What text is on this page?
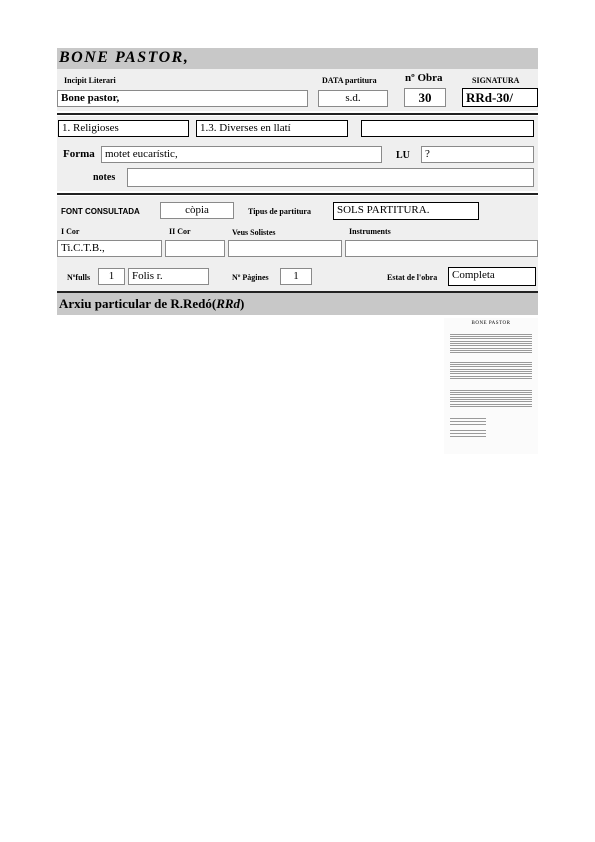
BONE PASTOR,
Incipit Literari	DATA partitura	nº Obra	SIGNATURA
Bone pastor,	s.d.	30	RRd-30/
1. Religioses	1.3. Diverses en llatí
Forma motet eucarístic,	LU	?
notes
FONT CONSULTADA	còpia	Tipus de partitura	SOLS PARTITURA.
I Cor	II Cor	Veus Solistes	Instruments
Ti.C.T.B.,
Nºfulls	1	Folis r.	Nº Pàgines	1	Estat de l'obra	Completa
Arxiu particular de R.Redó(RRd)
BONE PASTOR
